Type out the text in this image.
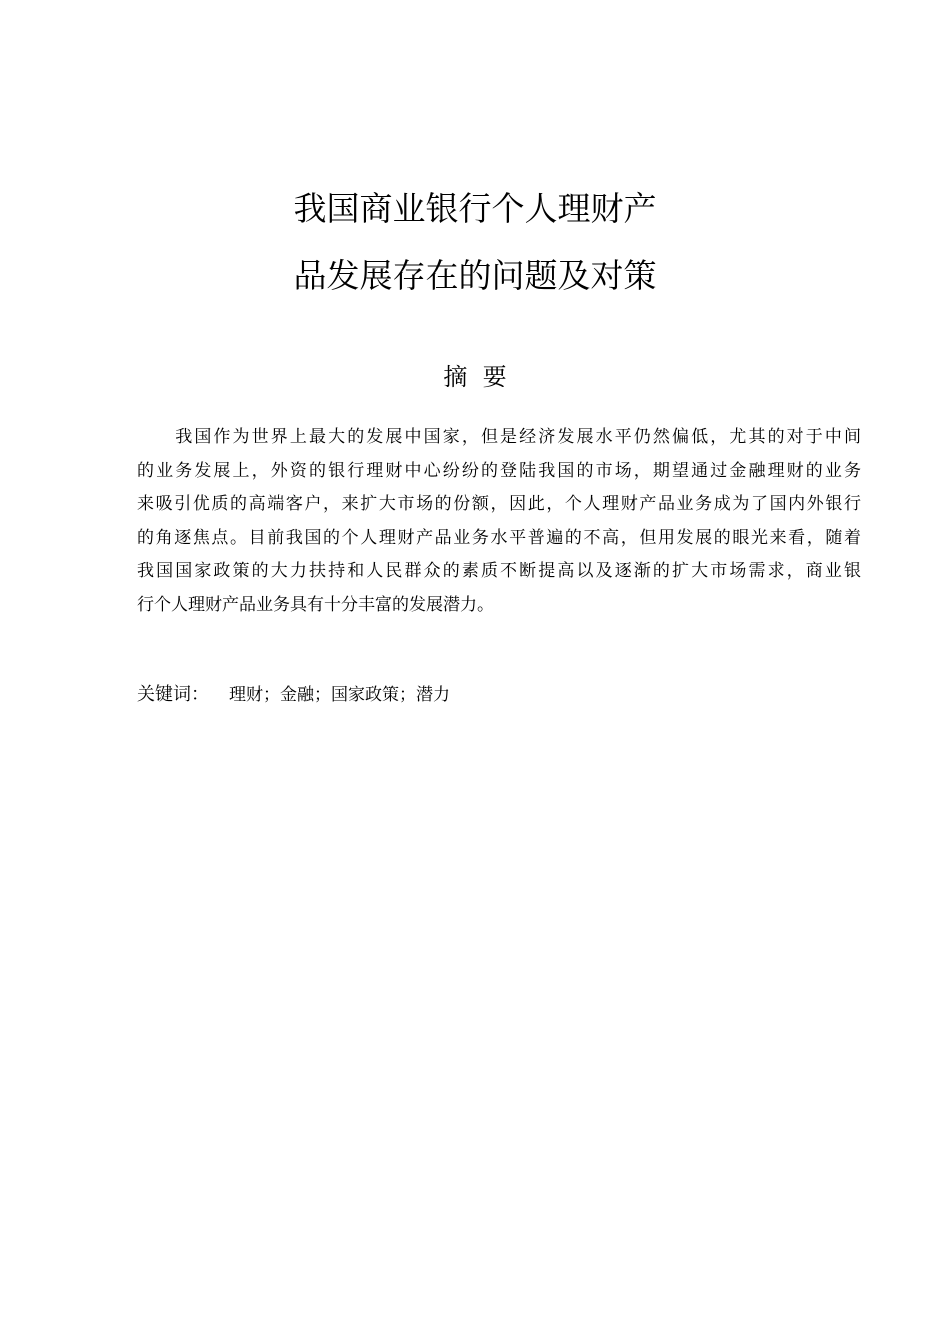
我国商业银行个人理财产
品发展存在的问题及对策
摘  要
　　我国作为世界上最大的发展中国家，但是经济发展水平仍然偏低，尤其的对于中间
的业务发展上，外资的银行理财中心纷纷的登陆我国的市场，期望通过金融理财的业务
来吸引优质的高端客户，来扩大市场的份额，因此，个人理财产品业务成为了国内外银行
的角逐焦点。目前我国的个人理财产品业务水平普遍的不高，但用发展的眼光来看，随着
我国国家政策的大力扶持和人民群众的素质不断提高以及逐渐的扩大市场需求，商业银
行个人理财产品业务具有十分丰富的发展潜力。

关键词： 理财；金融；国家政策；潜力
